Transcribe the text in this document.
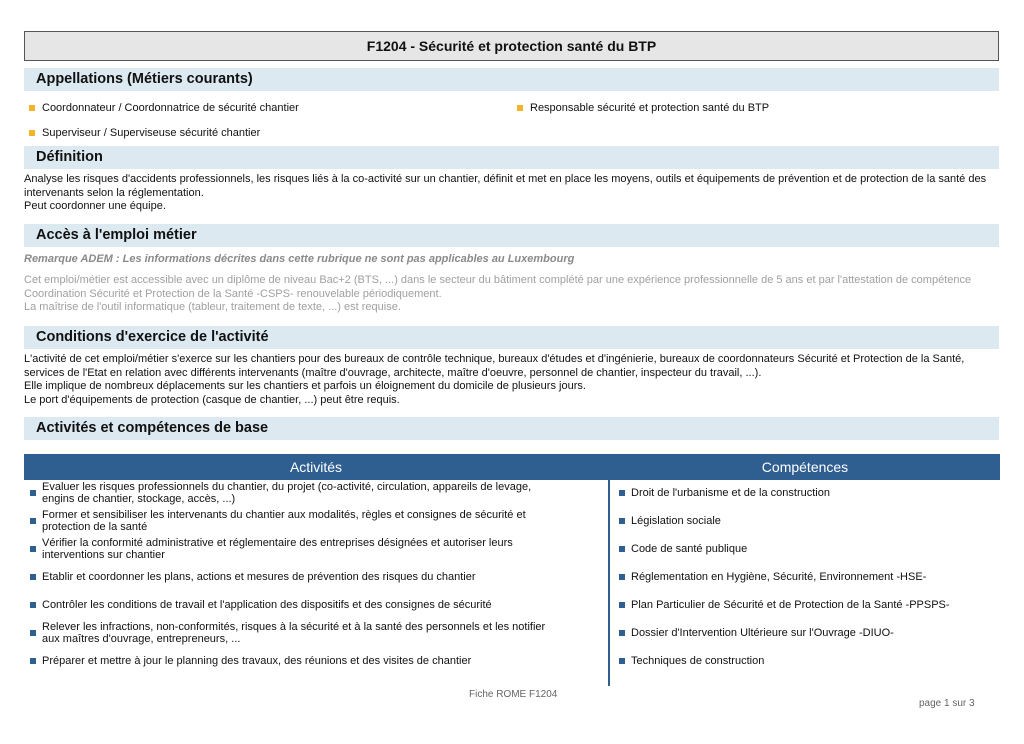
F1204 - Sécurité et protection santé du BTP
Appellations (Métiers courants)
Coordonnateur / Coordonnatrice de sécurité chantier	Responsable sécurité et protection santé du BTP
Superviseur / Superviseuse sécurité chantier
Définition
Analyse les risques d'accidents professionnels, les risques liés à la co-activité sur un chantier, définit et met en place les moyens, outils et équipements de prévention et de protection de la santé des
intervenants selon la réglementation.
Peut coordonner une équipe.
Accès à l'emploi métier
Remarque ADEM : Les informations décrites dans cette rubrique ne sont pas applicables au Luxembourg
Cet emploi/métier est accessible avec un diplôme de niveau Bac+2 (BTS, ...) dans le secteur du bâtiment complété par une expérience professionnelle de 5 ans et par l'attestation de compétence
Coordination Sécurité et Protection de la Santé -CSPS- renouvelable périodiquement.
La maîtrise de l'outil informatique (tableur, traitement de texte, ...) est requise.
Conditions d'exercice de l'activité
L'activité de cet emploi/métier s'exerce sur les chantiers pour des bureaux de contrôle technique, bureaux d'études et d'ingénierie, bureaux de coordonnateurs Sécurité et Protection de la Santé,
services de l'Etat en relation avec différents intervenants (maître d'ouvrage, architecte, maître d'oeuvre, personnel de chantier, inspecteur du travail, ...).
Elle implique de nombreux déplacements sur les chantiers et parfois un éloignement du domicile de plusieurs jours.
Le port d'équipements de protection (casque de chantier, ...) peut être requis.
Activités et compétences de base
Activités	Compétences
Evaluer les risques professionnels du chantier, du projet (co-activité, circulation, appareils de levage,
engins de chantier, stockage, accès, ...)
Former et sensibiliser les intervenants du chantier aux modalités, règles et consignes de sécurité et
protection de la santé
Vérifier la conformité administrative et réglementaire des entreprises désignées et autoriser leurs
interventions sur chantier
Etablir et coordonner les plans, actions et mesures de prévention des risques du chantier
Contrôler les conditions de travail et l'application des dispositifs et des consignes de sécurité
Relever les infractions, non-conformités, risques à la sécurité et à la santé des personnels et les notifier
aux maîtres d'ouvrage, entrepreneurs, ...
Préparer et mettre à jour le planning des travaux, des réunions et des visites de chantier
Droit de l'urbanisme et de la construction
Législation sociale
Code de santé publique
Réglementation en Hygiène, Sécurité, Environnement -HSE-
Plan Particulier de Sécurité et de Protection de la Santé -PPSPS-
Dossier d'Intervention Ultérieure sur l'Ouvrage -DIUO-
Techniques de construction
Fiche ROME F1204
page 1 sur 3
